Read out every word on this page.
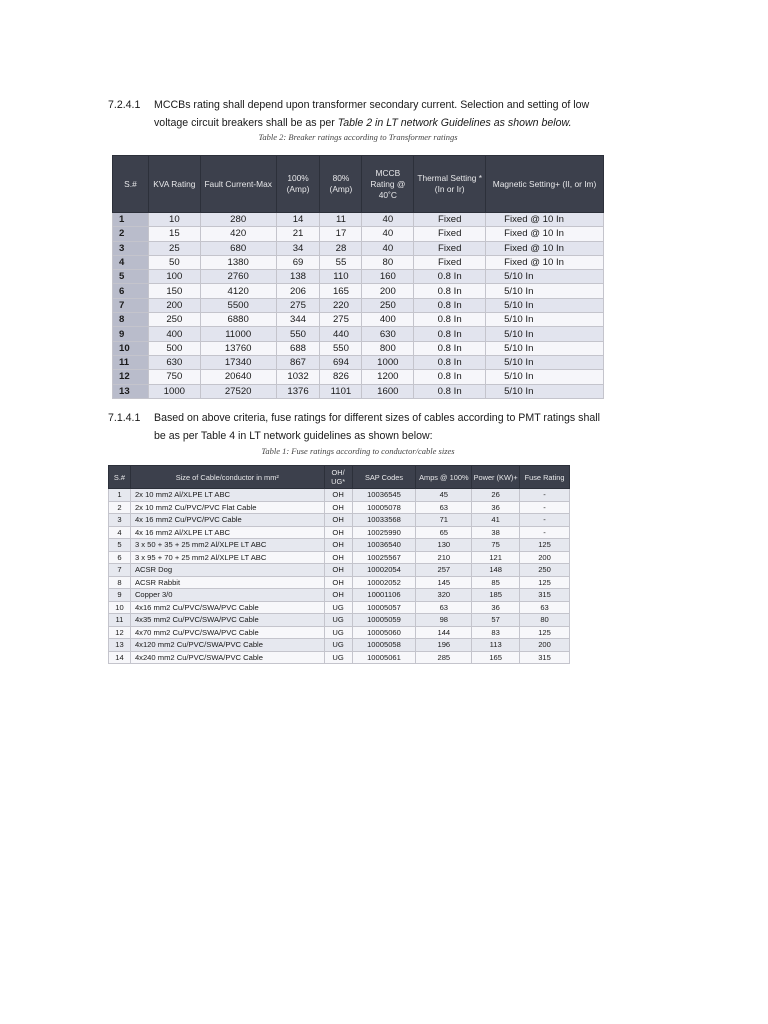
7.2.4.1 MCCBs rating shall depend upon transformer secondary current. Selection and setting of low voltage circuit breakers shall be as per Table 2 in LT network Guidelines as shown below.
Table 2: Breaker ratings according to Transformer ratings
S.#	KVA Rating	Fault Current-Max	100% (Amp)	80% (Amp)	MCCB Rating @ 40˚C	Thermal Setting *(In or Ir)	Magnetic Setting+ (II, or Im)
1	10	280	14	11	40	Fixed	Fixed @ 10 In
2	15	420	21	17	40	Fixed	Fixed @ 10 In
3	25	680	34	28	40	Fixed	Fixed @ 10 In
4	50	1380	69	55	80	Fixed	Fixed @ 10 In
5	100	2760	138	110	160	0.8 In	5/10 In
6	150	4120	206	165	200	0.8 In	5/10 In
7	200	5500	275	220	250	0.8 In	5/10 In
8	250	6880	344	275	400	0.8 In	5/10 In
9	400	11000	550	440	630	0.8 In	5/10 In
10	500	13760	688	550	800	0.8 In	5/10 In
11	630	17340	867	694	1000	0.8 In	5/10 In
12	750	20640	1032	826	1200	0.8 In	5/10 In
13	1000	27520	1376	1101	1600	0.8 In	5/10 In
7.1.4.1 Based on above criteria, fuse ratings for different sizes of cables according to PMT ratings shall be as per Table 4 in LT network guidelines as shown below:
Table 1: Fuse ratings according to conductor/cable sizes
S.#	Size of Cable/conductor in mm²	OH/ UG*	SAP Codes	Amps @ 100%	Power (KW)+	Fuse Rating
1	2x 10 mm2 Al/XLPE LT ABC	OH	10036545	45	26	-
2	2x 10 mm2 Cu/PVC/PVC Flat Cable	OH	10005078	63	36	-
3	4x 16 mm2 Cu/PVC/PVC Cable	OH	10033568	71	41	-
4	4x 16 mm2 Al/XLPE LT ABC	OH	10025990	65	38	-
5	3 x 50 + 35 + 25 mm2 Al/XLPE LT ABC	OH	10036540	130	75	125
6	3 x 95 + 70 + 25 mm2 Al/XLPE LT ABC	OH	10025567	210	121	200
7	ACSR Dog	OH	10002054	257	148	250
8	ACSR Rabbit	OH	10002052	145	85	125
9	Copper 3/0	OH	10001106	320	185	315
10	4x16 mm2 Cu/PVC/SWA/PVC Cable	UG	10005057	63	36	63
11	4x35 mm2 Cu/PVC/SWA/PVC Cable	UG	10005059	98	57	80
12	4x70 mm2 Cu/PVC/SWA/PVC Cable	UG	10005060	144	83	125
13	4x120 mm2 Cu/PVC/SWA/PVC Cable	UG	10005058	196	113	200
14	4x240 mm2 Cu/PVC/SWA/PVC Cable	UG	10005061	285	165	315
